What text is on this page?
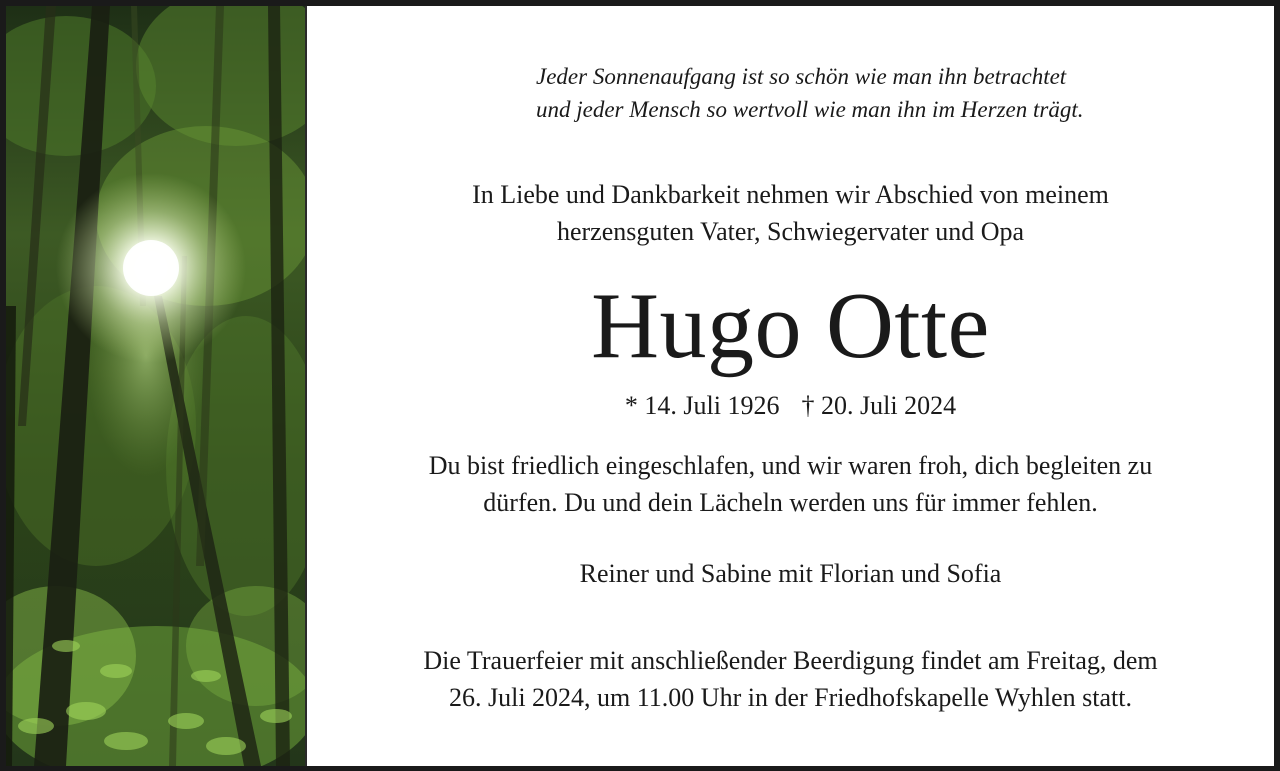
Jeder Sonnenaufgang ist so schön wie man ihn betrachtet
und jeder Mensch so wertvoll wie man ihn im Herzen trägt.
In Liebe und Dankbarkeit nehmen wir Abschied von meinem
herzensguten Vater, Schwiegervater und Opa
Hugo Otte
* 14. Juli 1926 † 20. Juli 2024
Du bist friedlich eingeschlafen, und wir waren froh, dich begleiten zu
dürfen. Du und dein Lächeln werden uns für immer fehlen.
Reiner und Sabine mit Florian und Sofia
Die Trauerfeier mit anschließender Beerdigung findet am Freitag, dem
26. Juli 2024, um 11.00 Uhr in der Friedhofskapelle Wyhlen statt.
